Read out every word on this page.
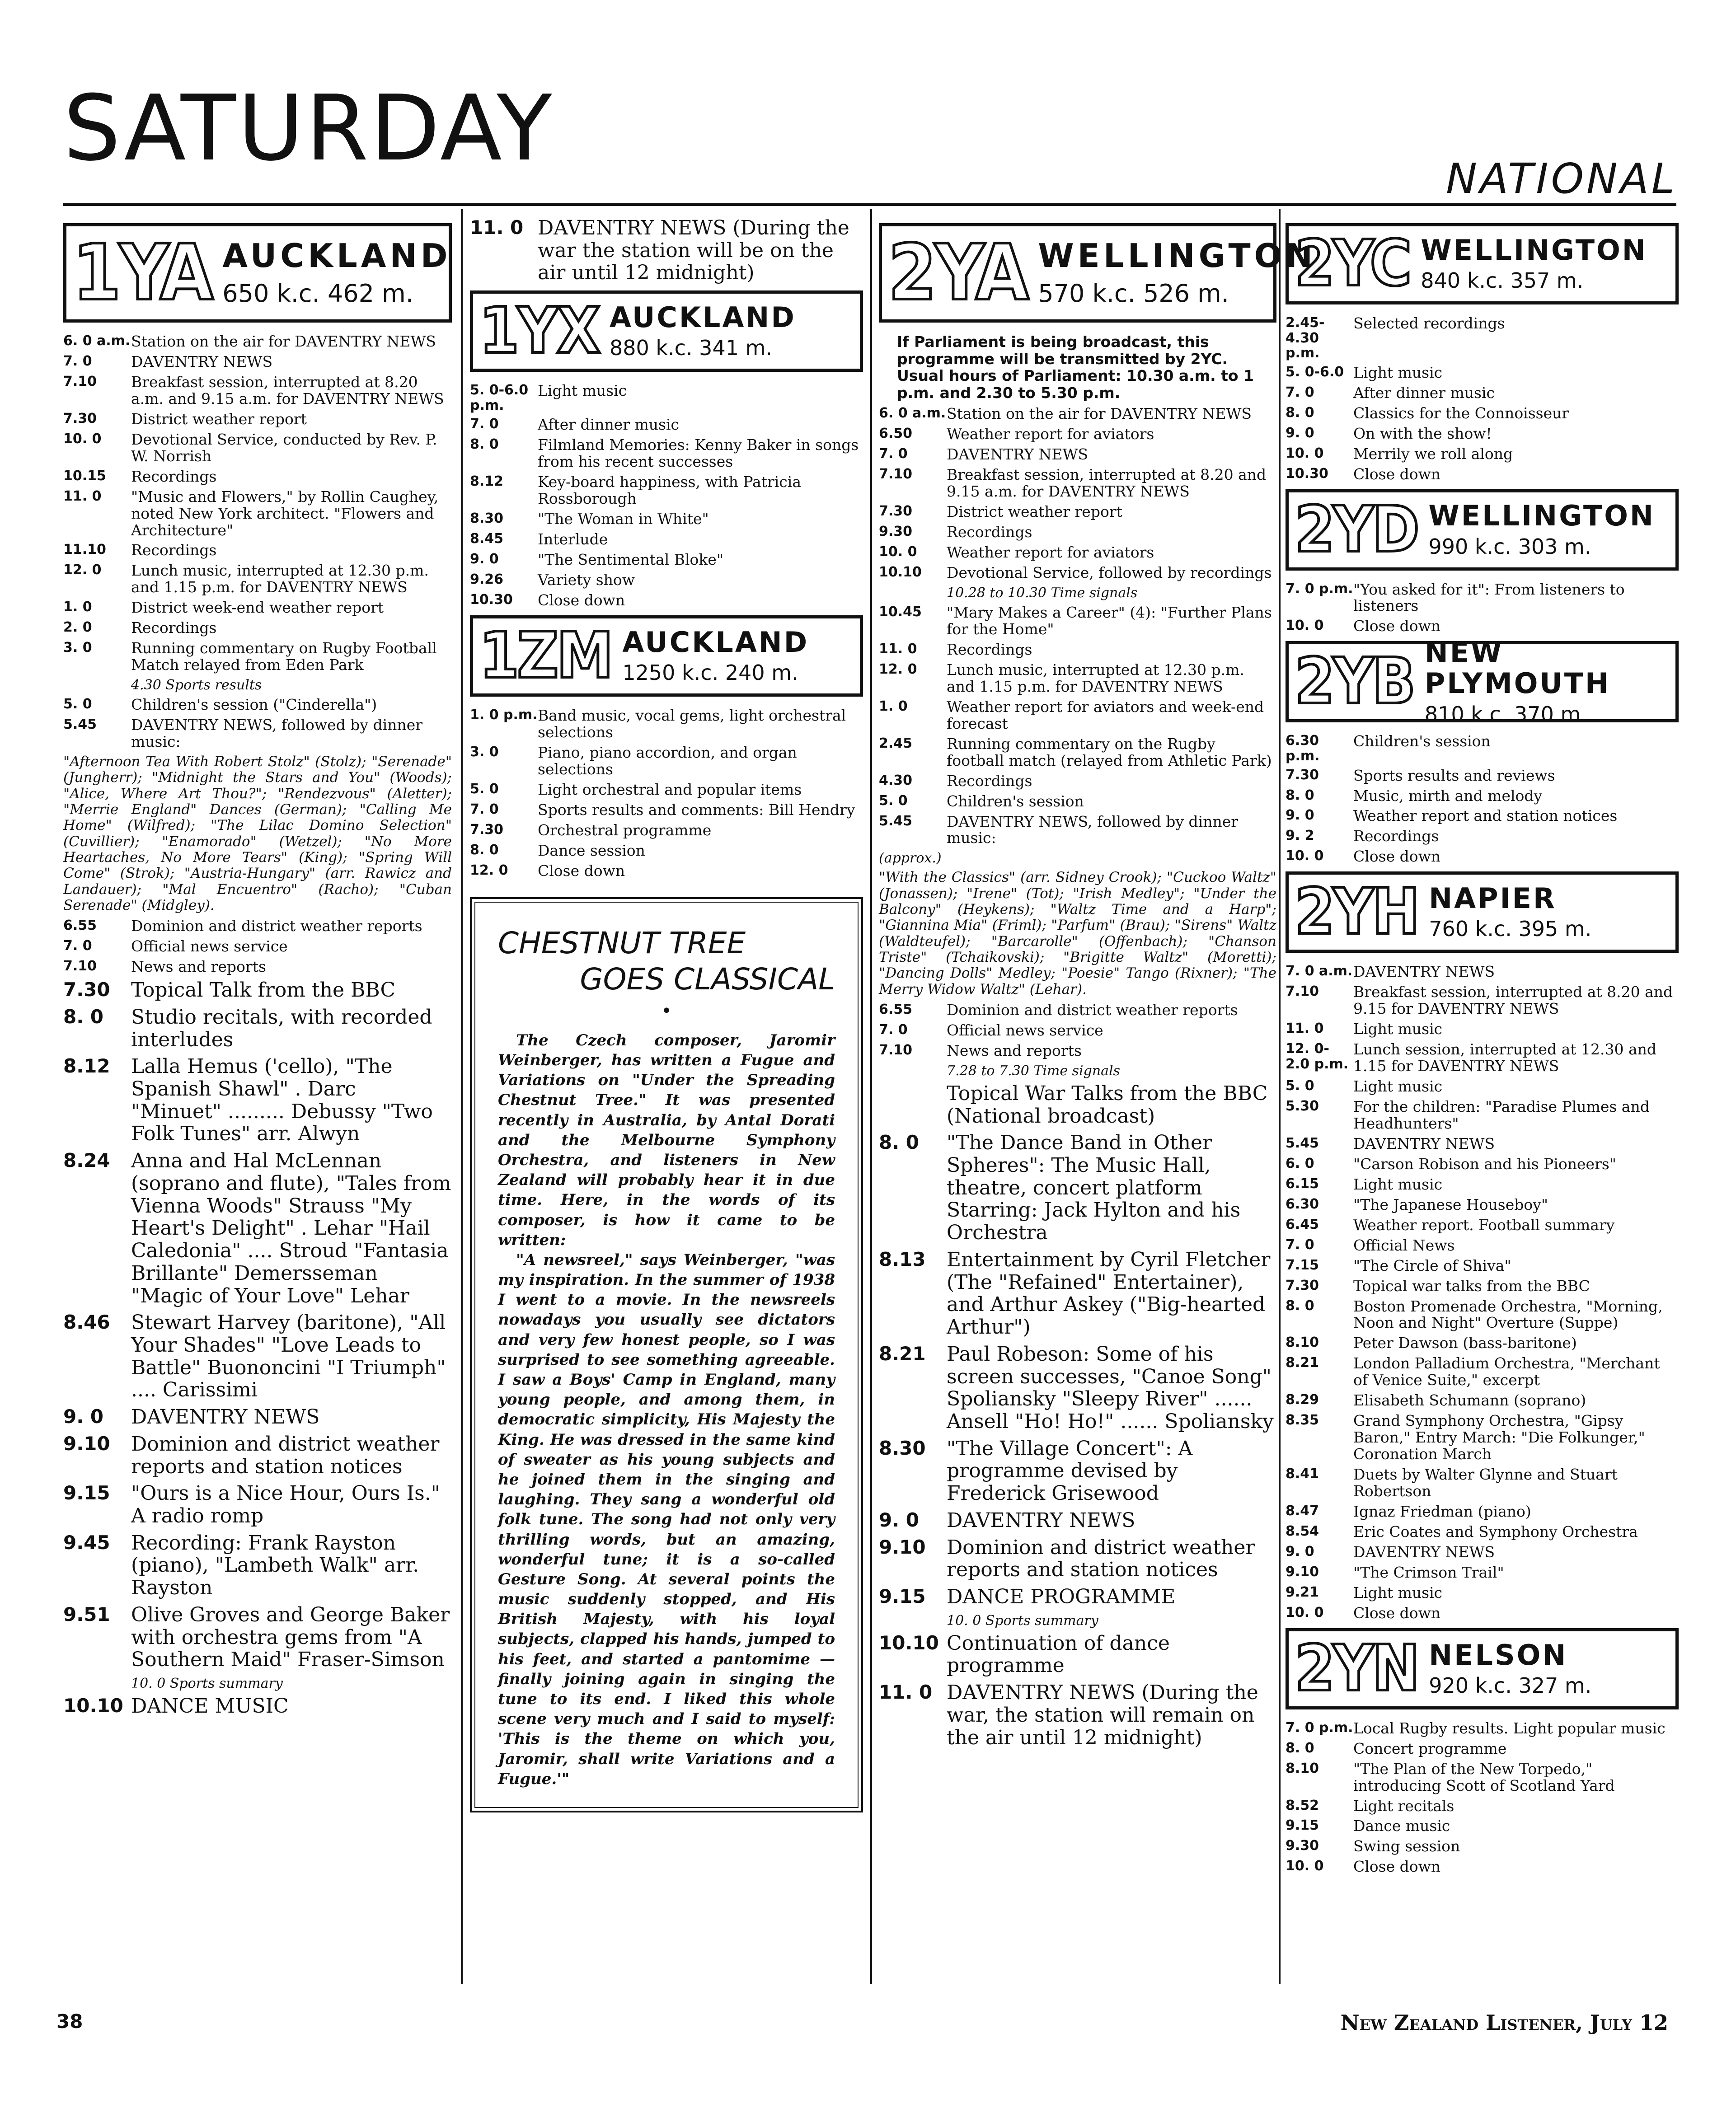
SATURDAY	NATIONAL
1YA AUCKLAND
650 k.c. 462 m.
6. 0 a.m. Station on the air for DAVENTRY NEWS
7. 0	DAVENTRY NEWS
7.10	Breakfast session, interrupted at 8.20 a.m. and 9.15 a.m. for DAVENTRY NEWS
7.30	District weather report
10. 0	Devotional Service, conducted by Rev. P. W. Norrish
10.15	Recordings
11. 0	"Music and Flowers," by Rollin Caughey, noted New York architect. "Flowers and Architecture"
11.10	Recordings
12. 0	Lunch music, interrupted at 12.30 p.m. and 1.15 p.m. for DAVENTRY NEWS
1. 0	District week-end weather report
2. 0	Recordings
3. 0	Running commentary on Rugby Football Match relayed from Eden Park
4.30 Sports results
5. 0	Children's session ("Cinderella")
5.45	DAVENTRY NEWS, followed by dinner music:
"Afternoon Tea With Robert Stolz" (Stolz); "Serenade" (Jungherr); "Midnight the Stars and You" (Woods); "Alice, Where Art Thou?"; "Rendezvous" (Aletter); "Merrie England" Dances (German); "Calling Me Home" (Wilfred); "The Lilac Domino Selection" (Cuvillier); "Enamorado" (Wetzel); "No More Heartaches, No More Tears" (King); "Spring Will Come" (Strok); "Austria-Hungary" (arr. Rawicz and Landauer); "Mal Encuentro" (Racho); "Cuban Serenade" (Midgley).
6.55	Dominion and district weather reports
7. 0	Official news service
7.10	News and reports
7.30	Topical Talk from the BBC
8. 0	Studio recitals, with recorded interludes
8.12	Lalla Hemus ('cello), "The Spanish Shawl" . Darc "Minuet" ......... Debussy "Two Folk Tunes" arr. Alwyn
8.24	Anna and Hal McLennan (soprano and flute), "Tales from Vienna Woods" Strauss "My Heart's Delight" . Lehar "Hail Caledonia" .... Stroud "Fantasia Brillante" Demersseman "Magic of Your Love" Lehar
8.46	Stewart Harvey (baritone), "All Your Shades" "Love Leads to Battle" Buononcini "I Triumph" .... Carissimi
9. 0	DAVENTRY NEWS
9.10	Dominion and district weather reports and station notices
9.15	"Ours is a Nice Hour, Ours Is." A radio romp
9.45	Recording: Frank Rayston (piano), "Lambeth Walk" arr. Rayston
9.51	Olive Groves and George Baker with orchestra gems from "A Southern Maid" Fraser-Simson
10. 0 Sports summary
10.10 DANCE MUSIC
11. 0 DAVENTRY NEWS (During the war the station will be on the air until 12 midnight)
1YX AUCKLAND
880 k.c. 341 m.
5. 0-6.0 p.m.
Light music
7. 0	After dinner music
8. 0	Filmland Memories: Kenny Baker in songs from his recent successes
8.12	Key-board happiness, with Patricia Rossborough
8.30	"The Woman in White"
8.45	Interlude
9. 0	"The Sentimental Bloke"
9.26	Variety show
10.30	Close down
1ZM AUCKLAND
1250 k.c. 240 m.
1. 0 p.m. Band music, vocal gems, light orchestral selections
3. 0	Piano, piano accordion, and organ selections
5. 0	Light orchestral and popular items
7. 0	Sports results and comments: Bill Hendry
7.30	Orchestral programme
8. 0	Dance session
12. 0	Close down
CHESTNUT TREE
GOES CLASSICAL
•

The Czech composer, Jaromir Weinberger, has written a Fugue and Variations on "Under the Spreading Chestnut Tree." It was presented recently in Australia, by Antal Dorati and the Melbourne Symphony Orchestra, and listeners in New Zealand will probably hear it in due time. Here, in the words of its composer, is how it came to be written:

"A newsreel," says Weinberger, "was my inspiration. In the summer of 1938 I went to a movie. In the newsreels nowadays you usually see dictators and very few honest people, so I was surprised to see something agreeable. I saw a Boys' Camp in England, many young people, and among them, in democratic simplicity, His Majesty the King. He was dressed in the same kind of sweater as his young subjects and he joined them in the singing and laughing. They sang a wonderful old folk tune. The song had not only very thrilling words, but an amazing, wonderful tune; it is a so-called Gesture Song. At several points the music suddenly stopped, and His British Majesty, with his loyal subjects, clapped his hands, jumped to his feet, and started a pantomime — finally joining again in singing the tune to its end. I liked this whole scene very much and I said to myself: 'This is the theme on which you, Jaromir, shall write Variations and a Fugue.'"

2YA WELLINGTON
570 k.c. 526 m.
If Parliament is being broadcast, this programme will be transmitted by 2YC. Usual hours of Parliament: 10.30 a.m. to 1 p.m. and 2.30 to 5.30 p.m.
6. 0 a.m. Station on the air for DAVENTRY NEWS
6.50	Weather report for aviators
7. 0	DAVENTRY NEWS
7.10	Breakfast session, interrupted at 8.20 and 9.15 a.m. for DAVENTRY NEWS
7.30	District weather report
9.30	Recordings
10. 0	Weather report for aviators
10.10	Devotional Service, followed by recordings
10.28 to 10.30 Time signals
10.45	"Mary Makes a Career" (4): "Further Plans for the Home"
11. 0	Recordings
12. 0	Lunch music, interrupted at 12.30 p.m. and 1.15 p.m. for DAVENTRY NEWS
1. 0	Weather report for aviators and week-end forecast
2.45	Running commentary on the Rugby football match (relayed from Athletic Park)
4.30	Recordings
5. 0	Children's session
5.45	DAVENTRY NEWS, followed by dinner music:
(approx.)
"With the Classics" (arr. Sidney Crook); "Cuckoo Waltz" (Jonassen); "Irene" (Tot); "Irish Medley"; "Under the Balcony" (Heykens); "Waltz Time and a Harp"; "Giannina Mia" (Friml); "Parfum" (Brau); "Sirens" Waltz (Waldteufel); "Barcarolle" (Offenbach); "Chanson Triste" (Tchaikovski); "Brigitte Waltz" (Moretti); "Dancing Dolls" Medley; "Poesie" Tango (Rixner); "The Merry Widow Waltz" (Lehar).
6.55	Dominion and district weather reports
7. 0	Official news service
7.10	News and reports
7.28 to 7.30 Time signals
Topical War Talks from the BBC (National broadcast)
8. 0	"The Dance Band in Other Spheres": The Music Hall, theatre, concert platform Starring: Jack Hylton and his Orchestra
8.13	Entertainment by Cyril Fletcher (The "Refained" Entertainer), and Arthur Askey ("Big-hearted Arthur")
8.21	Paul Robeson: Some of his screen successes, "Canoe Song" Spoliansky "Sleepy River" ...... Ansell "Ho! Ho!" ...... Spoliansky
8.30	"The Village Concert": A programme devised by Frederick Grisewood
9. 0	DAVENTRY NEWS
9.10	Dominion and district weather reports and station notices
9.15	DANCE PROGRAMME
10. 0 Sports summary
10.10 Continuation of dance programme
11. 0 DAVENTRY NEWS (During the war, the station will remain on the air until 12 midnight)
2YC WELLINGTON
840 k.c. 357 m.
2.45-4.30 p.m.
Selected recordings
5. 0-6.0 Light music
7. 0	After dinner music
8. 0	Classics for the Connoisseur
9. 0	On with the show!
10. 0	Merrily we roll along
10.30	Close down
2YD WELLINGTON
990 k.c. 303 m.
7. 0 p.m. "You asked for it": From listeners to listeners
10. 0	Close down
2YB NEW PLYMOUTH
810 k.c. 370 m.
6.30 p.m.
Children's session
7.30	Sports results and reviews
8. 0	Music, mirth and melody
9. 0	Weather report and station notices
9. 2	Recordings
10. 0	Close down
2YH NAPIER
760 k.c. 395 m.
7. 0 a.m. DAVENTRY NEWS
7.10	Breakfast session, interrupted at 8.20 and 9.15 for DAVENTRY NEWS
11. 0	Light music
12. 0-2.0 p.m.
Lunch session, interrupted at 12.30 and 1.15 for DAVENTRY NEWS
5. 0	Light music
5.30	For the children: "Paradise Plumes and Headhunters"
5.45	DAVENTRY NEWS
6. 0	"Carson Robison and his Pioneers"
6.15	Light music
6.30	"The Japanese Houseboy"
6.45	Weather report. Football summary
7. 0	Official News
7.15	"The Circle of Shiva"
7.30	Topical war talks from the BBC
8. 0	Boston Promenade Orchestra, "Morning, Noon and Night" Overture (Suppe)
8.10	Peter Dawson (bass-baritone)
8.21	London Palladium Orchestra, "Merchant of Venice Suite," excerpt
8.29	Elisabeth Schumann (soprano)
8.35	Grand Symphony Orchestra, "Gipsy Baron," Entry March: "Die Folkunger," Coronation March
8.41	Duets by Walter Glynne and Stuart Robertson
8.47	Ignaz Friedman (piano)
8.54	Eric Coates and Symphony Orchestra
9. 0	DAVENTRY NEWS
9.10	"The Crimson Trail"
9.21	Light music
10. 0	Close down
2YN NELSON
920 k.c. 327 m.
7. 0 p.m. Local Rugby results. Light popular music
8. 0	Concert programme
8.10	"The Plan of the New Torpedo," introducing Scott of Scotland Yard
8.52	Light recitals
9.15	Dance music
9.30	Swing session
10. 0	Close down
38	New Zealand Listener, July 12
